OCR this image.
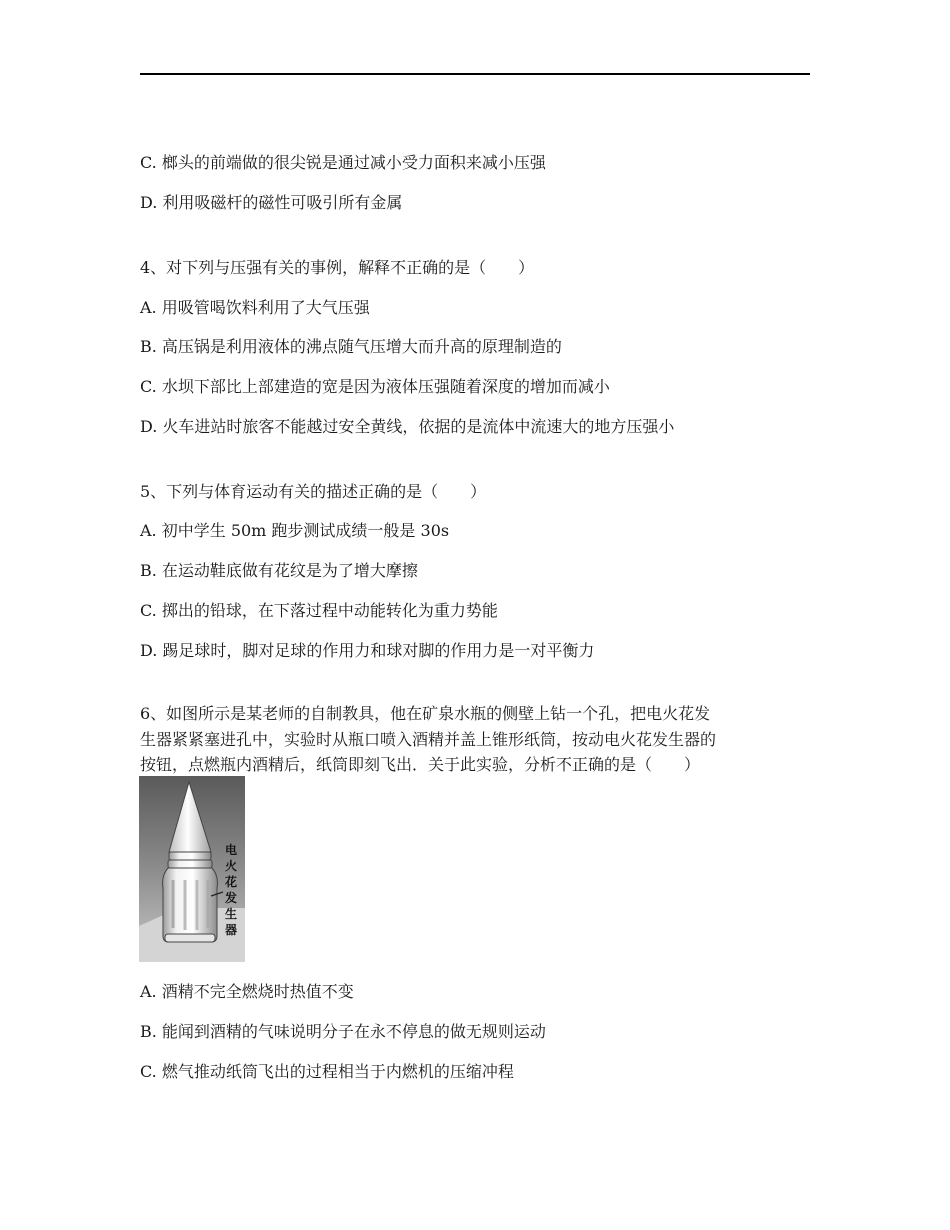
C. 榔头的前端做的很尖锐是通过减小受力面积来减小压强
D. 利用吸磁杆的磁性可吸引所有金属
4、对下列与压强有关的事例，解释不正确的是（　　）
A. 用吸管喝饮料利用了大气压强
B. 高压锅是利用液体的沸点随气压增大而升高的原理制造的
C. 水坝下部比上部建造的宽是因为液体压强随着深度的增加而减小
D. 火车进站时旅客不能越过安全黄线，依据的是流体中流速大的地方压强小
5、下列与体育运动有关的描述正确的是（　　）
A. 初中学生 50m 跑步测试成绩一般是 30s
B. 在运动鞋底做有花纹是为了增大摩擦
C. 掷出的铅球，在下落过程中动能转化为重力势能
D. 踢足球时，脚对足球的作用力和球对脚的作用力是一对平衡力
6、如图所示是某老师的自制教具，他在矿泉水瓶的侧壁上钻一个孔，把电火花发
生器紧紧塞进孔中，实验时从瓶口喷入酒精并盖上锥形纸筒，按动电火花发生器的
按钮，点燃瓶内酒精后，纸筒即刻飞出．关于此实验，分析不正确的是（　　）
电
火
花
发
生
器
A. 酒精不完全燃烧时热值不变
B. 能闻到酒精的气味说明分子在永不停息的做无规则运动
C. 燃气推动纸筒飞出的过程相当于内燃机的压缩冲程
